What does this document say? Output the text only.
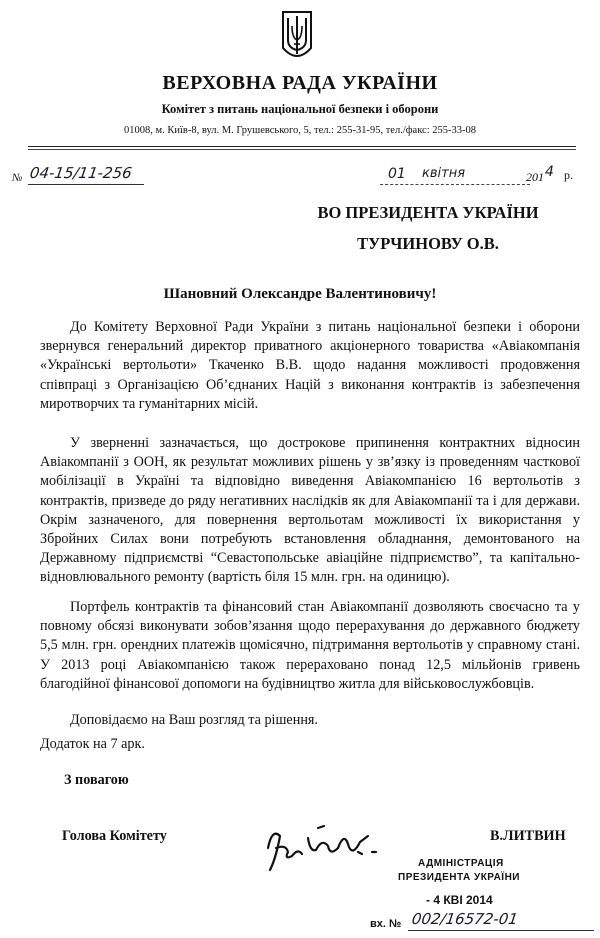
ВЕРХОВНА РАДА УКРАЇНИ
Комітет з питань національної безпеки і оборони
01008, м. Київ-8, вул. М. Грушевського, 5, тел.: 255-31-95, тел./факс: 255-33-08
№ 04-15/11-256	01 квітня	201 4 р.
ВО ПРЕЗИДЕНТА УКРАЇНИ
ТУРЧИНОВУ О.В.
Шановний Олександре Валентиновичу!

До Комітету Верховної Ради України з питань національної безпеки і оборони звернувся генеральний директор приватного акціонерного товариства «Авіакомпанія «Українські вертольоти» Ткаченко В.В. щодо надання можливості продовження співпраці з Організацією Об’єднаних Націй з виконання контрактів із забезпечення миротворчих та гуманітарних місій.

У зверненні зазначається, що дострокове припинення контрактних відносин Авіакомпанії з ООН, як результат можливих рішень у зв’язку із проведенням часткової мобілізації в Україні та відповідно виведення Авіакомпанією 16 вертольотів з контрактів, призведе до ряду негативних наслідків як для Авіакомпанії та і для держави. Окрім зазначеного, для повернення вертольотам можливості їх використання у Збройних Силах вони потребують встановлення обладнання, демонтованого на Державному підприємстві “Севастопольське авіаційне підприємство”, та капітально-відновлювального ремонту (вартість біля 15 млн. грн. на одиницю).

Портфель контрактів та фінансовий стан Авіакомпанії дозволяють своєчасно та у повному обсязі виконувати зобов’язання щодо перерахування до державного бюджету 5,5 млн. грн. орендних платежів щомісячно, підтримання вертольотів у справному стані. У 2013 році Авіакомпанією також перераховано понад 12,5 мільйонів гривень благодійної фінансової допомоги на будівництво житла для військовослужбовців.

Доповідаємо на Ваш розгляд та рішення.

Додаток на 7 арк.
З повагою
Голова Комітету	В.ЛИТВИН
АДМІНІСТРАЦІЯ
ПРЕЗИДЕНТА УКРАЇНИ
- 4 КВІ 2014
вх. № 002/16572-01
